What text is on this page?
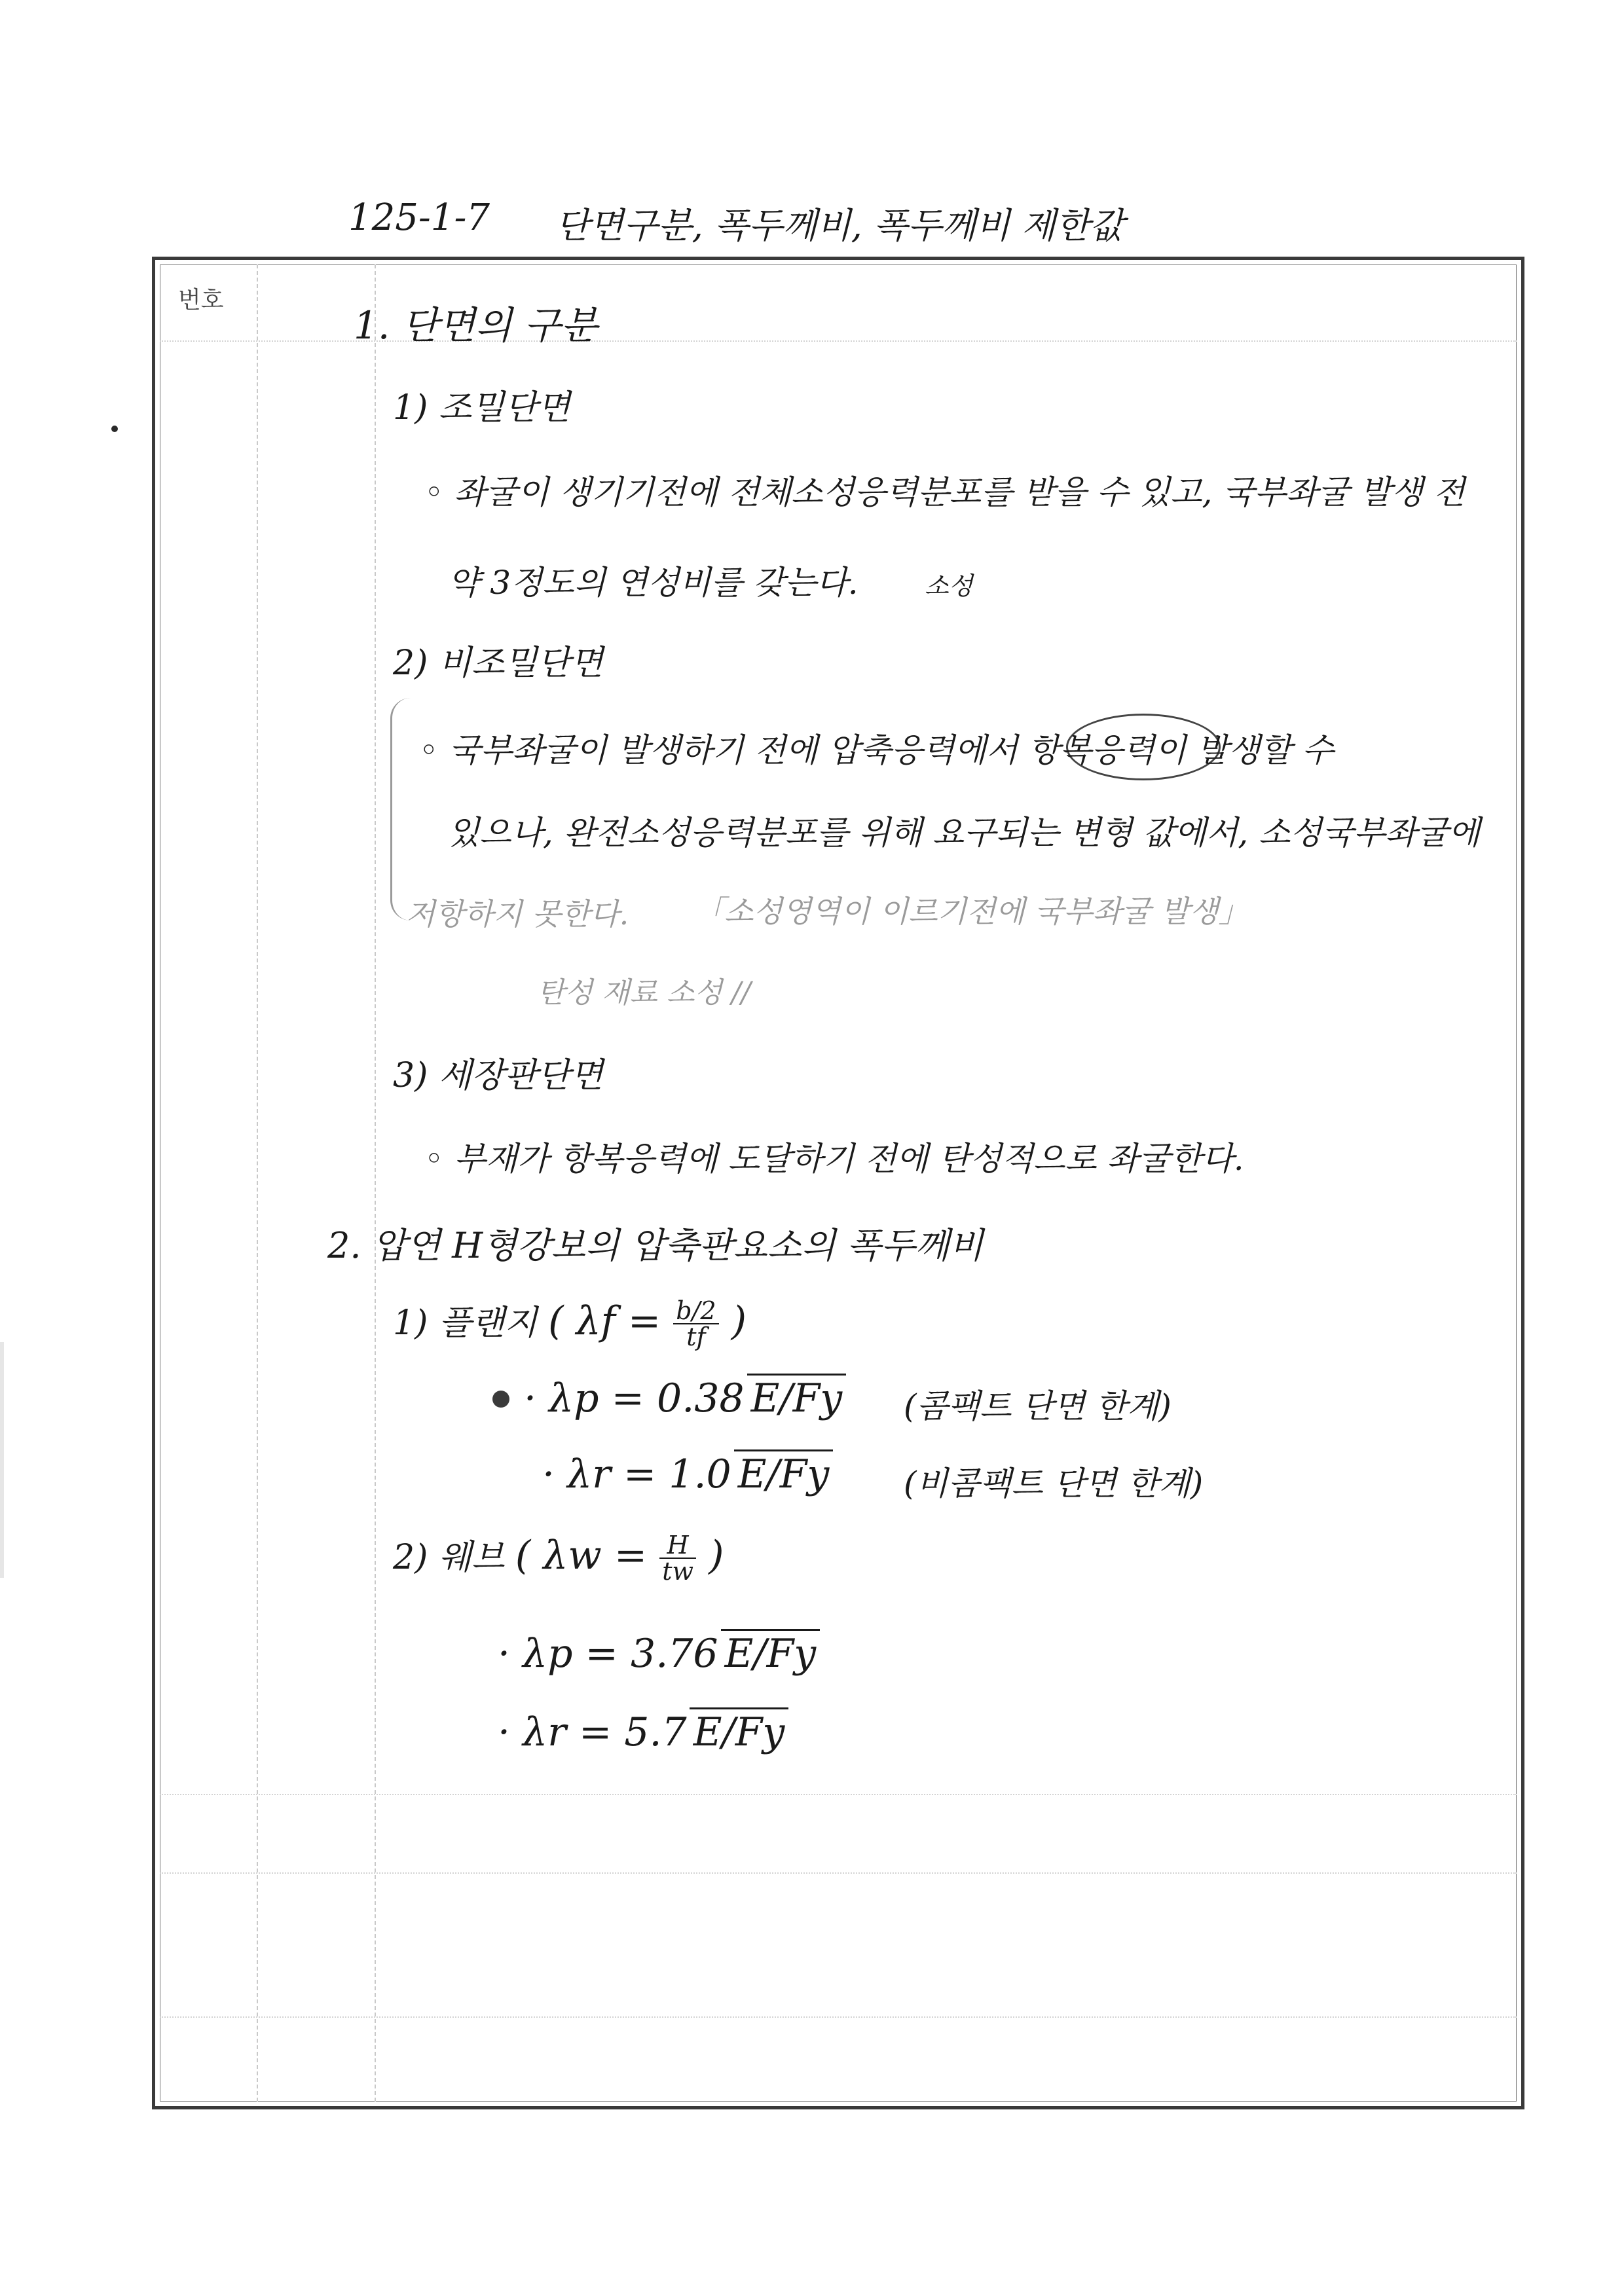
125-1-7 단면구분, 폭두께비, 폭두께비 제한값
번호
1. 단면의 구분
1) 조밀단면
◦ 좌굴이 생기기전에 전체소성응력분포를 받을 수 있고, 국부좌굴 발생 전
약 3정도의 연성비를 갖는다.	소성
2) 비조밀단면
◦ 국부좌굴이 발생하기 전에 압축응력에서 항복응력이 발생할 수
있으나, 완전소성응력분포를 위해 요구되는 변형 값에서, 소성국부좌굴에
저항하지 못한다. 「소성영역이 이르기전에 국부좌굴 발생」
탄성 재료 소성 //
3) 세장판단면
◦ 부재가 항복응력에 도달하기 전에 탄성적으로 좌굴한다.
2. 압연 H형강보의 압축판요소의 폭두께비
1) 플랜지 ( $\lambda f = \frac{b/2}{tf}$ )
· λp = 0.38 E/Fy (콤팩트 단면 한계)
· λr = 1.0 E/Fy (비콤팩트 단면 한계)
2) 웨브 ( $\lambda w = \frac{H}{tw}$ )
· λp = 3.76 E/Fy
· λr = 5.7 E/Fy
